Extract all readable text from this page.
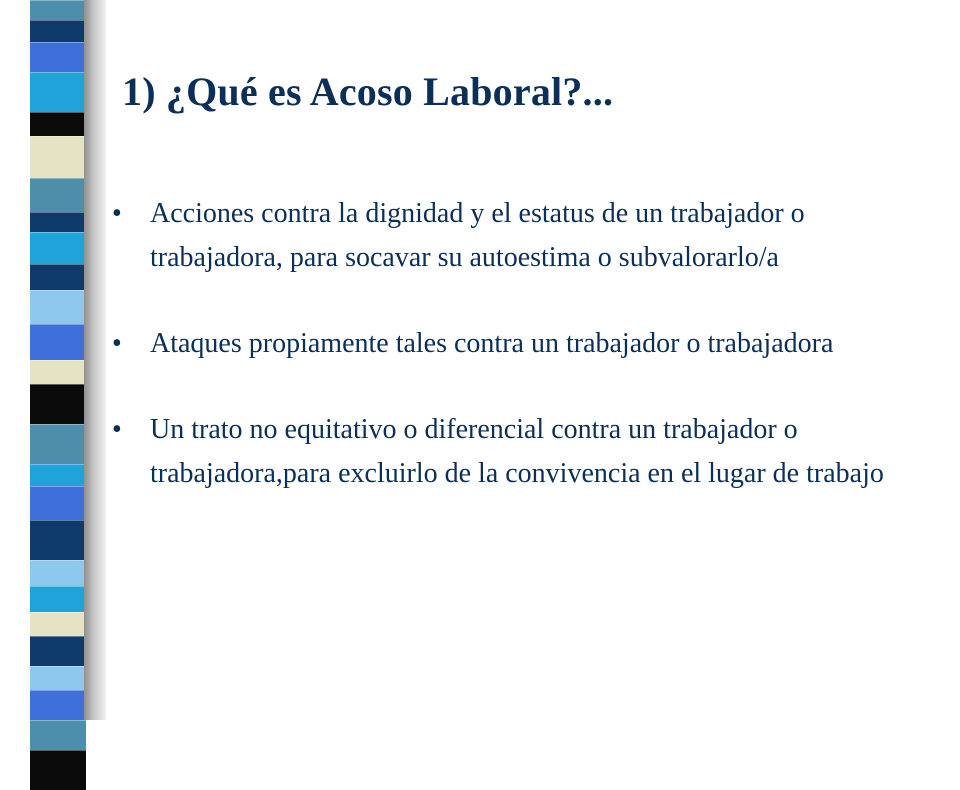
1) ¿Qué es Acoso Laboral?...
•	Acciones contra la dignidad y el estatus de un trabajador o trabajadora, para socavar su autoestima o subvalorarlo/a
•	Ataques propiamente tales contra un trabajador o trabajadora
•	Un trato no equitativo o diferencial contra un trabajador o trabajadora,para excluirlo de la convivencia en el lugar de trabajo
